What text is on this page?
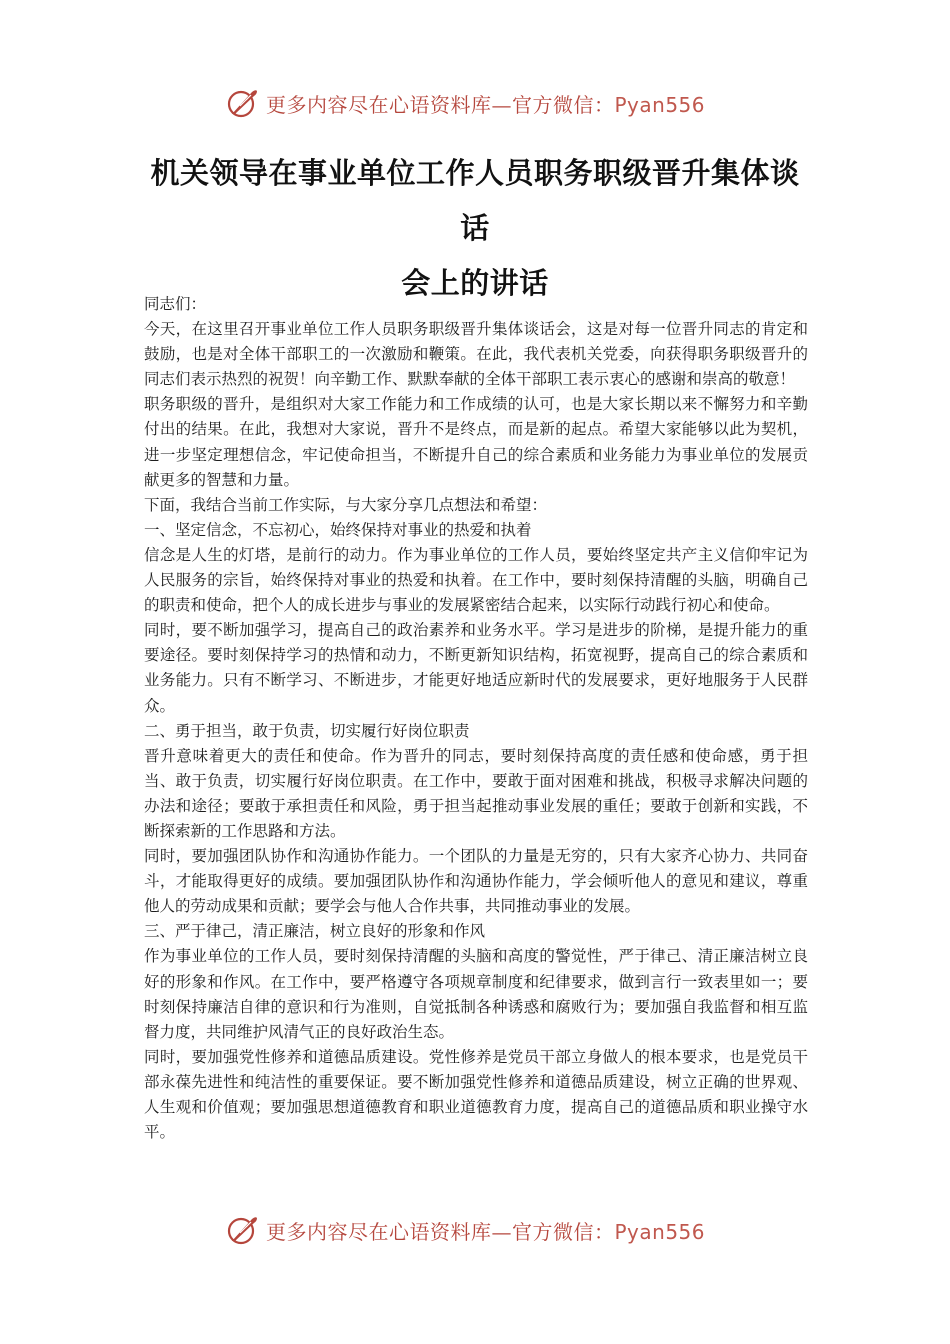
更多内容尽在心语资料库—官方微信：Pyan556
机关领导在事业单位工作人员职务职级晋升集体谈话
会上的讲话

同志们：

今天，在这里召开事业单位工作人员职务职级晋升集体谈话会，这是对每一位晋升同志的肯定和鼓励，也是对全体干部职工的一次激励和鞭策。在此，我代表机关党委，向获得职务职级晋升的同志们表示热烈的祝贺！向辛勤工作、默默奉献的全体干部职工表示衷心的感谢和崇高的敬意！

职务职级的晋升，是组织对大家工作能力和工作成绩的认可，也是大家长期以来不懈努力和辛勤付出的结果。在此，我想对大家说，晋升不是终点，而是新的起点。希望大家能够以此为契机，进一步坚定理想信念，牢记使命担当，不断提升自己的综合素质和业务能力为事业单位的发展贡献更多的智慧和力量。

下面，我结合当前工作实际，与大家分享几点想法和希望：

一、坚定信念，不忘初心，始终保持对事业的热爱和执着

信念是人生的灯塔，是前行的动力。作为事业单位的工作人员，要始终坚定共产主义信仰牢记为人民服务的宗旨，始终保持对事业的热爱和执着。在工作中，要时刻保持清醒的头脑，明确自己的职责和使命，把个人的成长进步与事业的发展紧密结合起来，以实际行动践行初心和使命。

同时，要不断加强学习，提高自己的政治素养和业务水平。学习是进步的阶梯，是提升能力的重要途径。要时刻保持学习的热情和动力，不断更新知识结构，拓宽视野，提高自己的综合素质和业务能力。只有不断学习、不断进步，才能更好地适应新时代的发展要求，更好地服务于人民群众。

二、勇于担当，敢于负责，切实履行好岗位职责

晋升意味着更大的责任和使命。作为晋升的同志，要时刻保持高度的责任感和使命感，勇于担当、敢于负责，切实履行好岗位职责。在工作中，要敢于面对困难和挑战，积极寻求解决问题的办法和途径；要敢于承担责任和风险，勇于担当起推动事业发展的重任；要敢于创新和实践，不断探索新的工作思路和方法。

同时，要加强团队协作和沟通协作能力。一个团队的力量是无穷的，只有大家齐心协力、共同奋斗，才能取得更好的成绩。要加强团队协作和沟通协作能力，学会倾听他人的意见和建议，尊重他人的劳动成果和贡献；要学会与他人合作共事，共同推动事业的发展。

三、严于律己，清正廉洁，树立良好的形象和作风

作为事业单位的工作人员，要时刻保持清醒的头脑和高度的警觉性，严于律己、清正廉洁树立良好的形象和作风。在工作中，要严格遵守各项规章制度和纪律要求，做到言行一致表里如一；要时刻保持廉洁自律的意识和行为准则，自觉抵制各种诱惑和腐败行为；要加强自我监督和相互监督力度，共同维护风清气正的良好政治生态。

同时，要加强党性修养和道德品质建设。党性修养是党员干部立身做人的根本要求，也是党员干部永葆先进性和纯洁性的重要保证。要不断加强党性修养和道德品质建设，树立正确的世界观、人生观和价值观；要加强思想道德教育和职业道德教育力度，提高自己的道德品质和职业操守水平。

更多内容尽在心语资料库—官方微信：Pyan556
